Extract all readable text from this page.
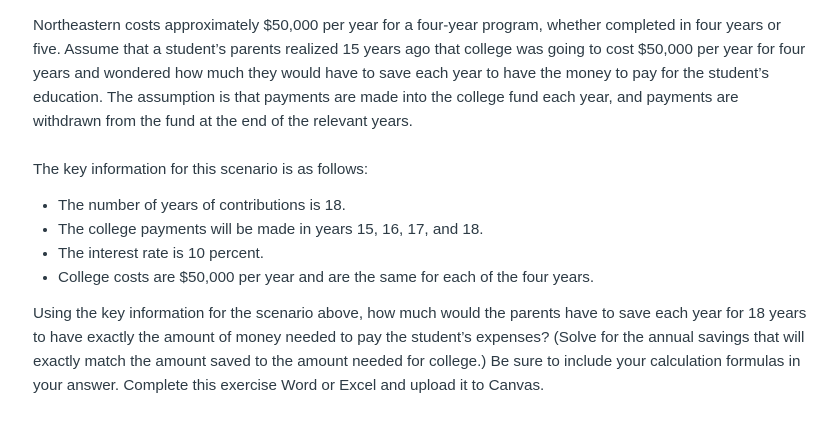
Northeastern costs approximately $50,000 per year for a four-year program, whether completed in four years or five. Assume that a student’s parents realized 15 years ago that college was going to cost $50,000 per year for four years and wondered how much they would have to save each year to have the money to pay for the student’s education. The assumption is that payments are made into the college fund each year, and payments are withdrawn from the fund at the end of the relevant years.

The key information for this scenario is as follows:

• The number of years of contributions is 18.
• The college payments will be made in years 15, 16, 17, and 18.
• The interest rate is 10 percent.
• College costs are $50,000 per year and are the same for each of the four years.

Using the key information for the scenario above, how much would the parents have to save each year for 18 years to have exactly the amount of money needed to pay the student’s expenses? (Solve for the annual savings that will exactly match the amount saved to the amount needed for college.) Be sure to include your calculation formulas in your answer. Complete this exercise Word or Excel and upload it to Canvas.
